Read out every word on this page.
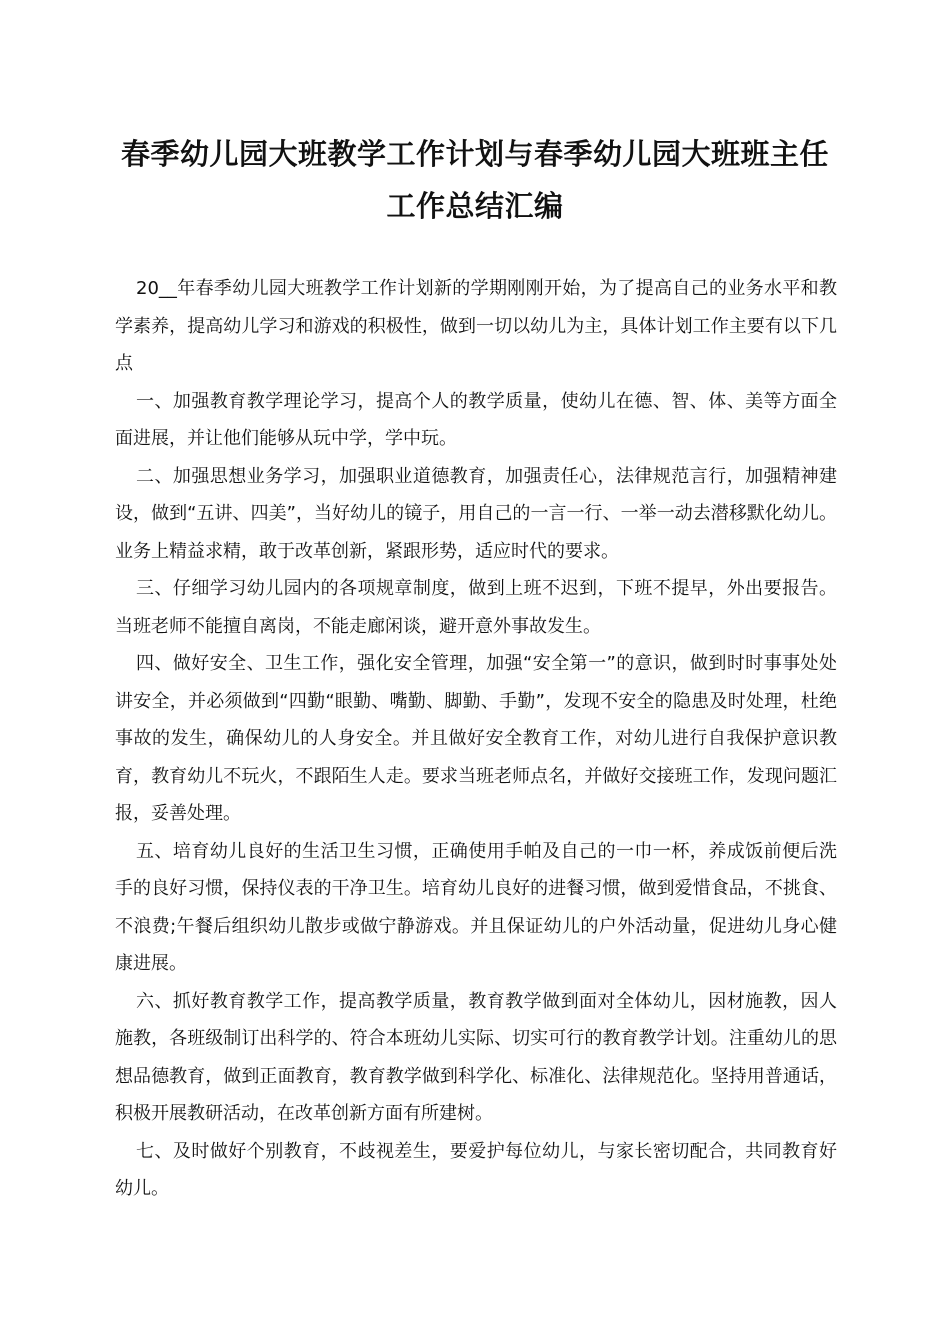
春季幼儿园大班教学工作计划与春季幼儿园大班班主任工作总结汇编

20__年春季幼儿园大班教学工作计划新的学期刚刚开始，为了提高自己的业务水平和教学素养，提高幼儿学习和游戏的积极性，做到一切以幼儿为主，具体计划工作主要有以下几点

一、加强教育教学理论学习，提高个人的教学质量，使幼儿在德、智、体、美等方面全面进展，并让他们能够从玩中学，学中玩。

二、加强思想业务学习，加强职业道德教育，加强责任心，法律规范言行，加强精神建设，做到“五讲、四美”，当好幼儿的镜子，用自己的一言一行、一举一动去潜移默化幼儿。业务上精益求精，敢于改革创新，紧跟形势，适应时代的要求。

三、仔细学习幼儿园内的各项规章制度，做到上班不迟到，下班不提早，外出要报告。当班老师不能擅自离岗，不能走廊闲谈，避开意外事故发生。

四、做好安全、卫生工作，强化安全管理，加强“安全第一”的意识，做到时时事事处处讲安全，并必须做到“四勤“眼勤、嘴勤、脚勤、手勤”，发现不安全的隐患及时处理，杜绝事故的发生，确保幼儿的人身安全。并且做好安全教育工作，对幼儿进行自我保护意识教育，教育幼儿不玩火，不跟陌生人走。要求当班老师点名，并做好交接班工作，发现问题汇报，妥善处理。

五、培育幼儿良好的生活卫生习惯，正确使用手帕及自己的一巾一杯，养成饭前便后洗手的良好习惯，保持仪表的干净卫生。培育幼儿良好的进餐习惯，做到爱惜食品，不挑食、不浪费;午餐后组织幼儿散步或做宁静游戏。并且保证幼儿的户外活动量，促进幼儿身心健康进展。

六、抓好教育教学工作，提高教学质量，教育教学做到面对全体幼儿，因材施教，因人施教，各班级制订出科学的、符合本班幼儿实际、切实可行的教育教学计划。注重幼儿的思想品德教育，做到正面教育，教育教学做到科学化、标准化、法律规范化。坚持用普通话，积极开展教研活动，在改革创新方面有所建树。

七、及时做好个别教育，不歧视差生，要爱护每位幼儿，与家长密切配合，共同教育好幼儿。
